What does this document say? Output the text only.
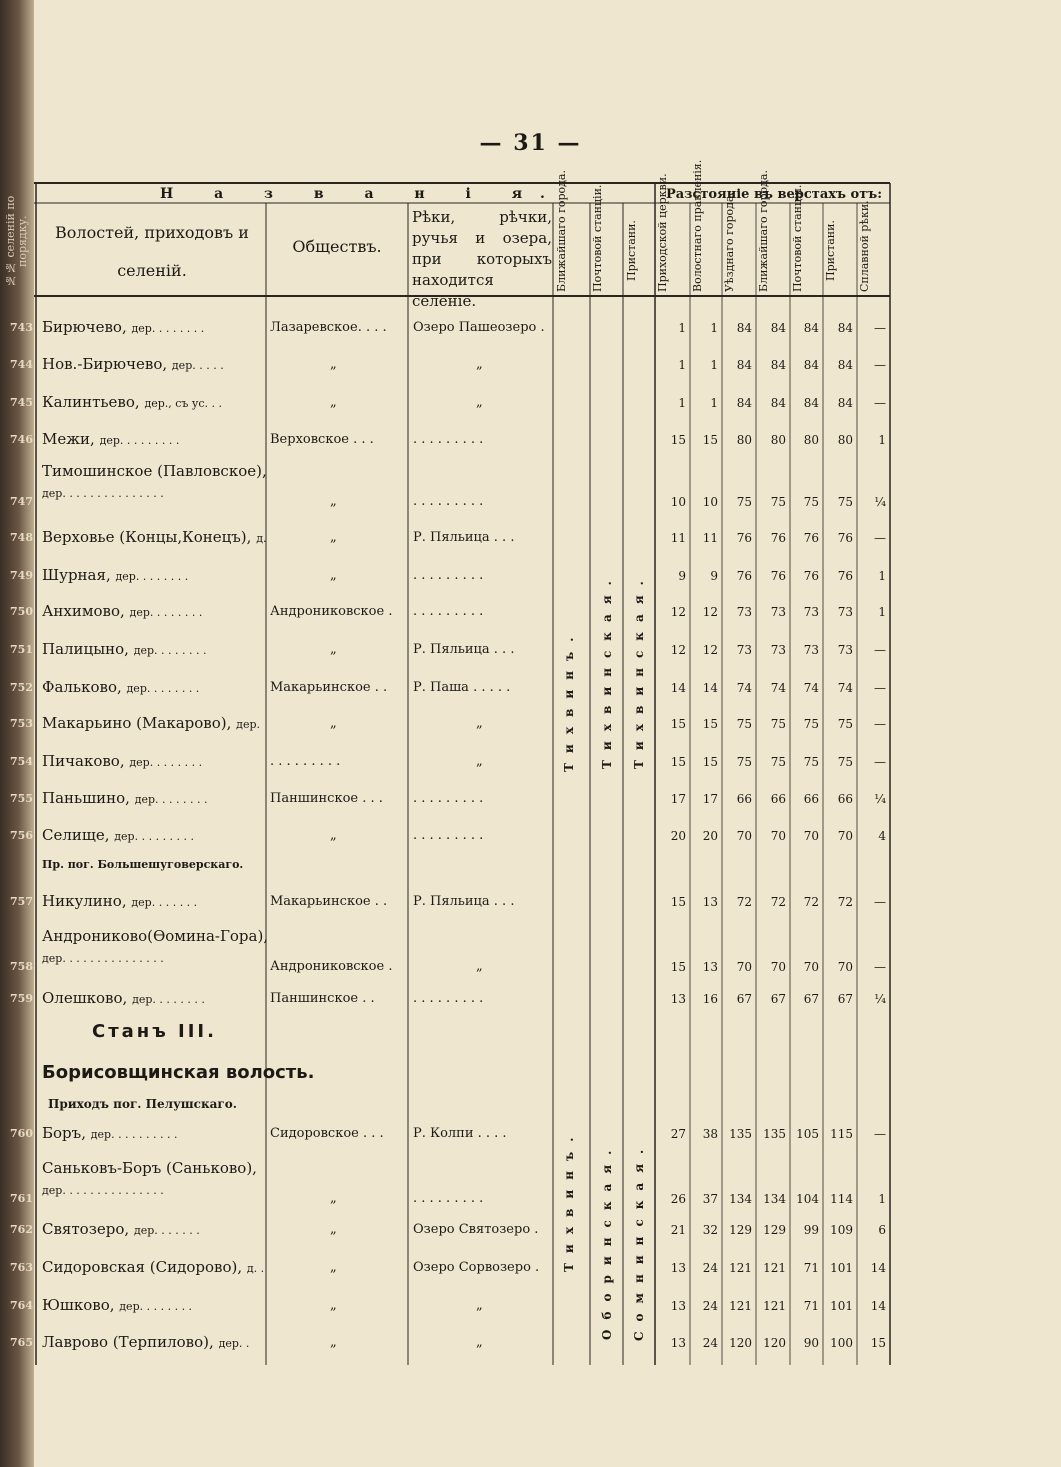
№№ селеній по порядку.
— 31 —
Н а з в а н і я.	Разстояніе въ верстахъ отъ:
Волостей, приходовъ и селеній.
Обществъ.
Рѣки, рѣчки, ручья и озера, при которыхъ находится селеніе.
Ближайшаго города.	Почтовой станціи.	Пристани.	Приходской церкви.	Волостнаго правленія.	Уѣзднаго города.	Ближайшаго города.	Почтовой станціи.	Пристани.	Сплавной рѣки.
Тихвинъ. Тихвинская. Тихвинская.
Тихвинъ. Оборинская. Сомнинская.
Пр. пог. Большешуговерскаго.
Станъ III.
Борисовщинская волость.
Приходъ пог. Пелушскаго.
743 Бирючево, дер. . . . . . . .	Лазаревское. . . . Озеро Пашеозеро .	1	1	84	84	84	84	—
744 Нов.-Бирючево, дер. . . . .	„	„	1	1	84	84	84	84	—
745 Калинтьево, дер., съ ус. . .	„	„	1	1	84	84	84	84	—
746 Межи, дер. . . . . . . . .	Верховское . . .	. . . . . . . . .	15	15	80	80	80	80	1
747
Тимошинское (Павловское),
дер. . . . . . . . . . . . . . .
„	. . . . . . . . .	10	10	75	75	75	75	¼
748 Верховье (Концы,Конецъ), д.	„	Р. Пяльица . . .	11	11	76	76	76	76	—
749 Шурная, дер. . . . . . . .	„	. . . . . . . . .	9	9	76	76	76	76	1
750 Анхимово, дер. . . . . . . .	Андрониковское . . . . . . . . . .	12	12	73	73	73	73	1
751 Палицыно, дер. . . . . . . .	„	Р. Пяльица . . .	12	12	73	73	73	73	—
752 Фальково, дер. . . . . . . .	Макарьинское . . Р. Паша . . . . .	14	14	74	74	74	74	—
753 Макарьино (Макарово), дер.	„	„	15	15	75	75	75	75	—
754 Пичаково, дер. . . . . . . .	. . . . . . . . .	„	15	15	75	75	75	75	—
755 Паньшино, дер. . . . . . . .	Паншинское . . . . . . . . . . . .	17	17	66	66	66	66	¼
756 Селище, дер. . . . . . . . .	„	. . . . . . . . .	20	20	70	70	70	70	4
757 Никулино, дер. . . . . . .	Макарьинское . . Р. Пяльица . . .	15	13	72	72	72	72	—
758
Андрониково(Ѳомина-Гора),
дер. . . . . . . . . . . . . . .
Андрониковское .	„	15	13	70	70	70	70	—
759 Олешково, дер. . . . . . . .	Паншинское . .	. . . . . . . . .	13	16	67	67	67	67	¼
760 Боръ, дер. . . . . . . . . .	Сидоровское . . . Р. Колпи . . . .	27	38 135 135 105 115	—
761
Саньковъ-Боръ (Саньково),
дер. . . . . . . . . . . . . . .
„	. . . . . . . . .	26	37 134 134 104 114	1
762 Святозеро, дер. . . . . . .	„	Озеро Святозеро .	21	32 129 129	99 109	6
763 Сидоровская (Сидорово), д. .	„	Озеро Сорвозеро .	13	24 121 121	71 101	14
764 Юшково, дер. . . . . . . .	„	„	13	24 121 121	71 101	14
765 Лаврово (Терпилово), дер. .	„	„	13	24 120 120	90 100	15
